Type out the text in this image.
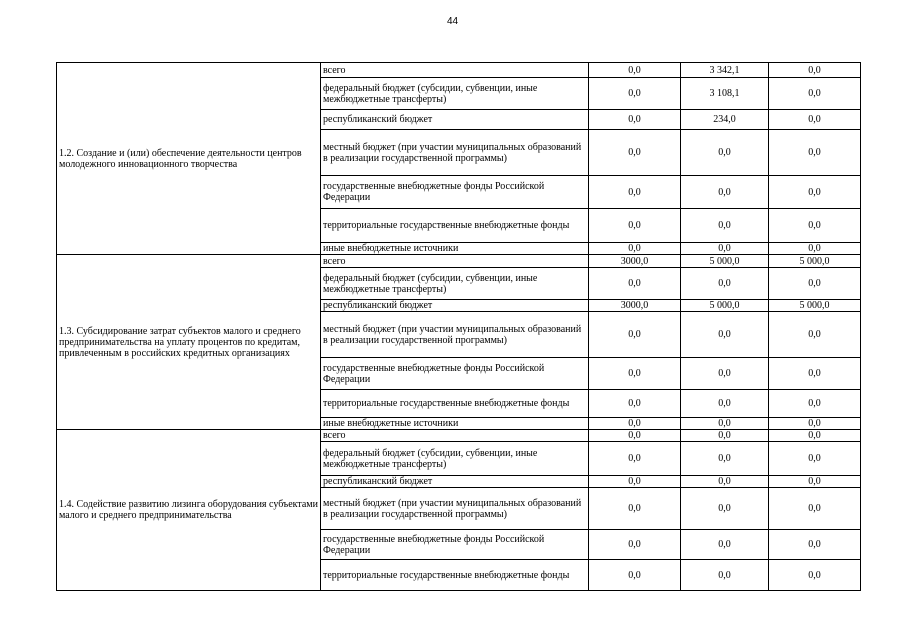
44
1.2. Создание и (или) обеспечение деятельности центров молодежного инновационного творчества	всего	0,0	3 342,1	0,0
	федеральный бюджет (субсидии, субвенции, иные межбюджетные трансферты)	0,0	3 108,1	0,0
	республиканский бюджет	0,0	234,0	0,0
	местный бюджет (при участии муниципальных образований в реализации государственной программы)	0,0	0,0	0,0
	государственные внебюджетные фонды Российской Федерации	0,0	0,0	0,0
	территориальные государственные внебюджетные фонды	0,0	0,0	0,0
	иные внебюджетные источники	0,0	0,0	0,0
1.3. Субсидирование затрат субъектов малого и среднего предпринимательства на уплату процентов по кредитам, привлеченным в российских кредитных организациях	всего	3000,0	5 000,0	5 000,0
	федеральный бюджет (субсидии, субвенции, иные межбюджетные трансферты)	0,0	0,0	0,0
	республиканский бюджет	3000,0	5 000,0	5 000,0
	местный бюджет (при участии муниципальных образований в реализации государственной программы)	0,0	0,0	0,0
	государственные внебюджетные фонды Российской Федерации	0,0	0,0	0,0
	территориальные государственные внебюджетные фонды	0,0	0,0	0,0
	иные внебюджетные источники	0,0	0,0	0,0
1.4. Содействие развитию лизинга оборудования субъектами малого и среднего предпринимательства	всего	0,0	0,0	0,0
	федеральный бюджет (субсидии, субвенции, иные межбюджетные трансферты)	0,0	0,0	0,0
	республиканский бюджет	0,0	0,0	0,0
	местный бюджет (при участии муниципальных образований в реализации государственной программы)	0,0	0,0	0,0
	государственные внебюджетные фонды Российской Федерации	0,0	0,0	0,0
	территориальные государственные внебюджетные фонды	0,0	0,0	0,0
